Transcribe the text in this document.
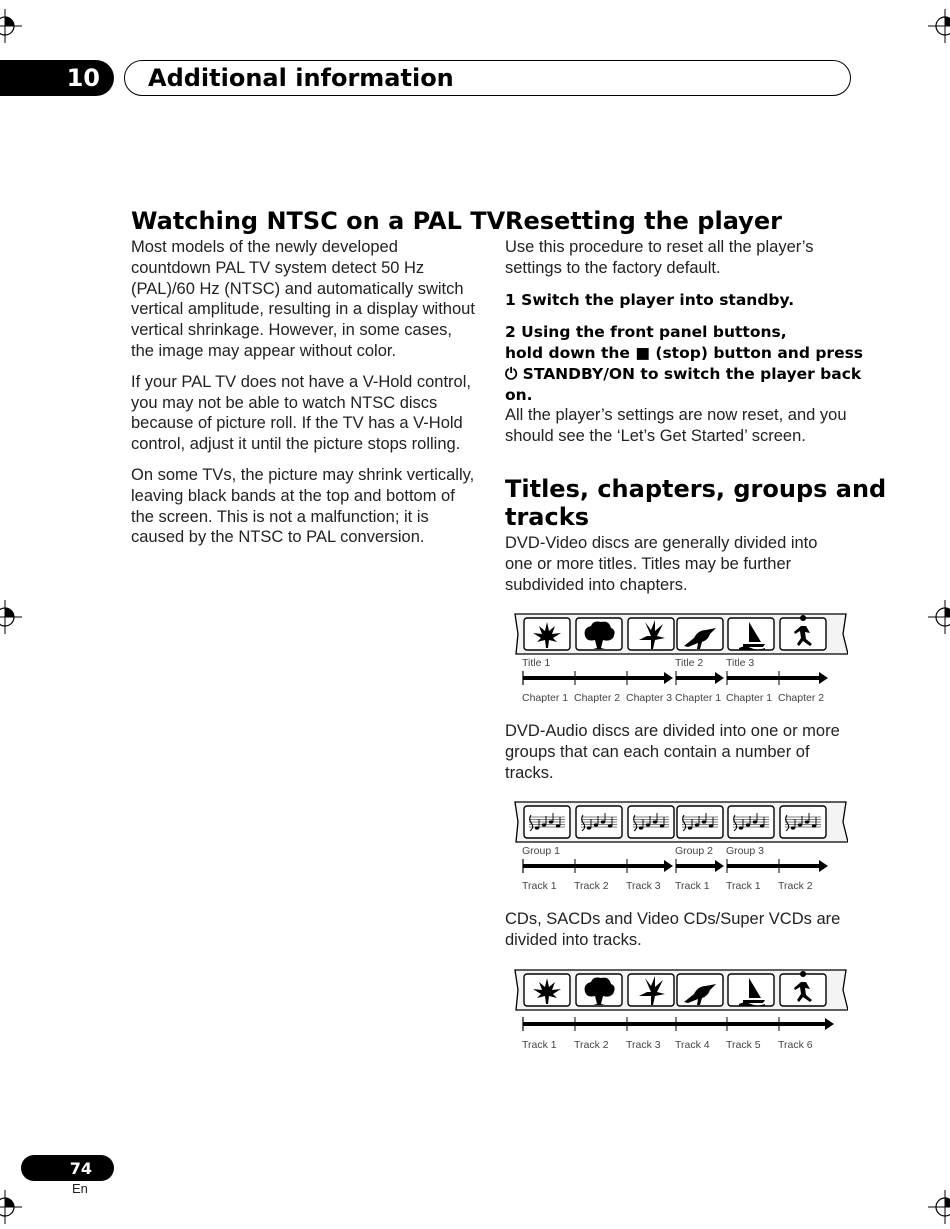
10	Additional information
Watching NTSC on a PAL TV

Most models of the newly developed countdown PAL TV system detect 50 Hz (PAL)/60 Hz (NTSC) and automatically switch vertical amplitude, resulting in a display without vertical shrinkage. However, in some cases, the image may appear without color.

If your PAL TV does not have a V-Hold control, you may not be able to watch NTSC discs because of picture roll. If the TV has a V-Hold control, adjust it until the picture stops rolling.

On some TVs, the picture may shrink vertically, leaving black bands at the top and bottom of the screen. This is not a malfunction; it is caused by the NTSC to PAL conversion.

Resetting the player
Use this procedure to reset all the player’s settings to the factory default.
1 Switch the player into standby.
2 Using the front panel buttons,
hold down the ■ (stop) button and press
⏻ STANDBY/ON to switch the player back
on.
All the player’s settings are now reset, and you should see the ‘Let’s Get Started’ screen.
Titles, chapters, groups and
tracks
DVD-Video discs are generally divided into one or more titles. Titles may be further subdivided into chapters.
Title 1	Title 2 Title 3
Chapter 1 Chapter 2 Chapter 3 Chapter 1 Chapter 1 Chapter 2
DVD-Audio discs are divided into one or more groups that can each contain a number of tracks.
Group 1	Group 2 Group 3
Track 1 Track 2 Track 3 Track 1 Track 1 Track 2
CDs, SACDs and Video CDs/Super VCDs are divided into tracks.
Track 1 Track 2 Track 3 Track 4 Track 5 Track 6
74
En
